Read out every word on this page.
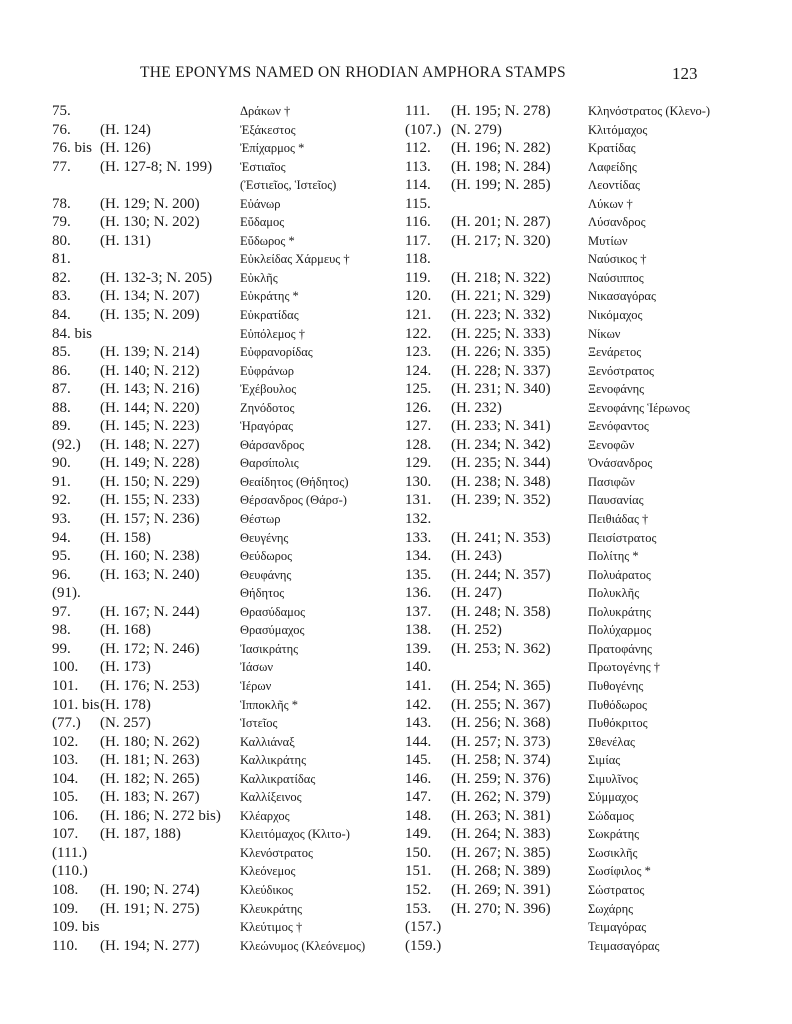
THE EPONYMS NAMED ON RHODIAN AMPHORA STAMPS	123
75.	Δράκων †
76. (H. 124)	Ἐξάκεστος
76. bis (H. 126)	Ἐπίχαρμος *
77. (H. 127-8; N. 199) Ἑστιαῖος
(Ἐστιεῖος, Ἱστεῖος)
78. (H. 129; N. 200)	Εὐάνωρ
79. (H. 130; N. 202)	Εὔδαμος
80. (H. 131)	Εὔδωρος *
81.	Εὐκλείδας Χάρμευς †
82. (H. 132-3; N. 205) Εὐκλῆς
83. (H. 134; N. 207)	Εὐκράτης *
84. (H. 135; N. 209)	Εὐκρατίδας
84. bis	Εὐπόλεμος †
85. (H. 139; N. 214)	Εὐφρανορίδας
86. (H. 140; N. 212)	Εὐφράνωρ
87. (H. 143; N. 216)	Ἐχέβουλος
88. (H. 144; N. 220)	Ζηνόδοτος
89. (H. 145; N. 223)	Ἡραγόρας
(92.) (H. 148; N. 227)	Θάρσανδρος
90. (H. 149; N. 228)	Θαρσίπολις
91. (H. 150; N. 229)	Θεαίδητος (Θήδητος)
92. (H. 155; N. 233)	Θέρσανδρος (Θάρσ-)
93. (H. 157; N. 236)	Θέστωρ
94. (H. 158)	Θευγένης
95. (H. 160; N. 238)	Θεύδωρος
96. (H. 163; N. 240)	Θευφάνης
(91).	Θήδητος
97. (H. 167; N. 244)	Θρασύδαμος
98. (H. 168)	Θρασύμαχος
99. (H. 172; N. 246)	Ἰασικράτης
100. (H. 173)	Ἰάσων
101. (H. 176; N. 253)	Ἱέρων
101. bis (H. 178)	Ἱπποκλῆς *
(77.) (N. 257)	Ἱστεῖος
102. (H. 180; N. 262)	Καλλιάναξ
103. (H. 181; N. 263)	Καλλικράτης
104. (H. 182; N. 265)	Καλλικρατίδας
105. (H. 183; N. 267)	Καλλίξεινος
106. (H. 186; N. 272 bis) Κλέαρχος
107. (H. 187, 188)	Κλειτόμαχος (Κλιτο-)
(111.)	Κλενόστρατος
(110.)	Κλεόνεμος
108. (H. 190; N. 274)	Κλεύδικος
109. (H. 191; N. 275)	Κλευκράτης
109. bis	Κλεύτιμος †
110. (H. 194; N. 277)	Κλεώνυμος (Κλεόνεμος)
111. (H. 195; N. 278)	Κληνόστρατος (Κλενο-)
(107.) (N. 279)	Κλιτόμαχος
112. (H. 196; N. 282)	Κρατίδας
113. (H. 198; N. 284)	Λαφείδης
114. (H. 199; N. 285)	Λεοντίδας
115.	Λύκων †
116. (H. 201; N. 287)	Λύσανδρος
117. (H. 217; N. 320)	Μυτίων
118.	Ναύσικος †
119. (H. 218; N. 322)	Ναύσιππος
120. (H. 221; N. 329)	Νικασαγόρας
121. (H. 223; N. 332)	Νικόμαχος
122. (H. 225; N. 333)	Νίκων
123. (H. 226; N. 335)	Ξενάρετος
124. (H. 228; N. 337)	Ξενόστρατος
125. (H. 231; N. 340)	Ξενοφάνης
126. (H. 232)	Ξενοφάνης Ἱέρωνος
127. (H. 233; N. 341)	Ξενόφαντος
128. (H. 234; N. 342)	Ξενοφῶν
129. (H. 235; N. 344)	Ὀνάσανδρος
130. (H. 238; N. 348)	Πασιφῶν
131. (H. 239; N. 352)	Παυσανίας
132.	Πειθιάδας †
133. (H. 241; N. 353)	Πεισίστρατος
134. (H. 243)	Πολίτης *
135. (H. 244; N. 357)	Πολυάρατος
136. (H. 247)	Πολυκλῆς
137. (H. 248; N. 358)	Πολυκράτης
138. (H. 252)	Πολύχαρμος
139. (H. 253; N. 362)	Πρατοφάνης
140.	Πρωτογένης †
141. (H. 254; N. 365)	Πυθογένης
142. (H. 255; N. 367)	Πυθόδωρος
143. (H. 256; N. 368)	Πυθόκριτος
144. (H. 257; N. 373)	Σθενέλας
145. (H. 258; N. 374)	Σιμίας
146. (H. 259; N. 376)	Σιμυλῖνος
147. (H. 262; N. 379)	Σύμμαχος
148. (H. 263; N. 381)	Σώδαμος
149. (H. 264; N. 383)	Σωκράτης
150. (H. 267; N. 385)	Σωσικλῆς
151. (H. 268; N. 389)	Σωσίφιλος *
152. (H. 269; N. 391)	Σώστρατος
153. (H. 270; N. 396)	Σωχάρης
(157.)	Τειμαγόρας
(159.)	Τειμασαγόρας
